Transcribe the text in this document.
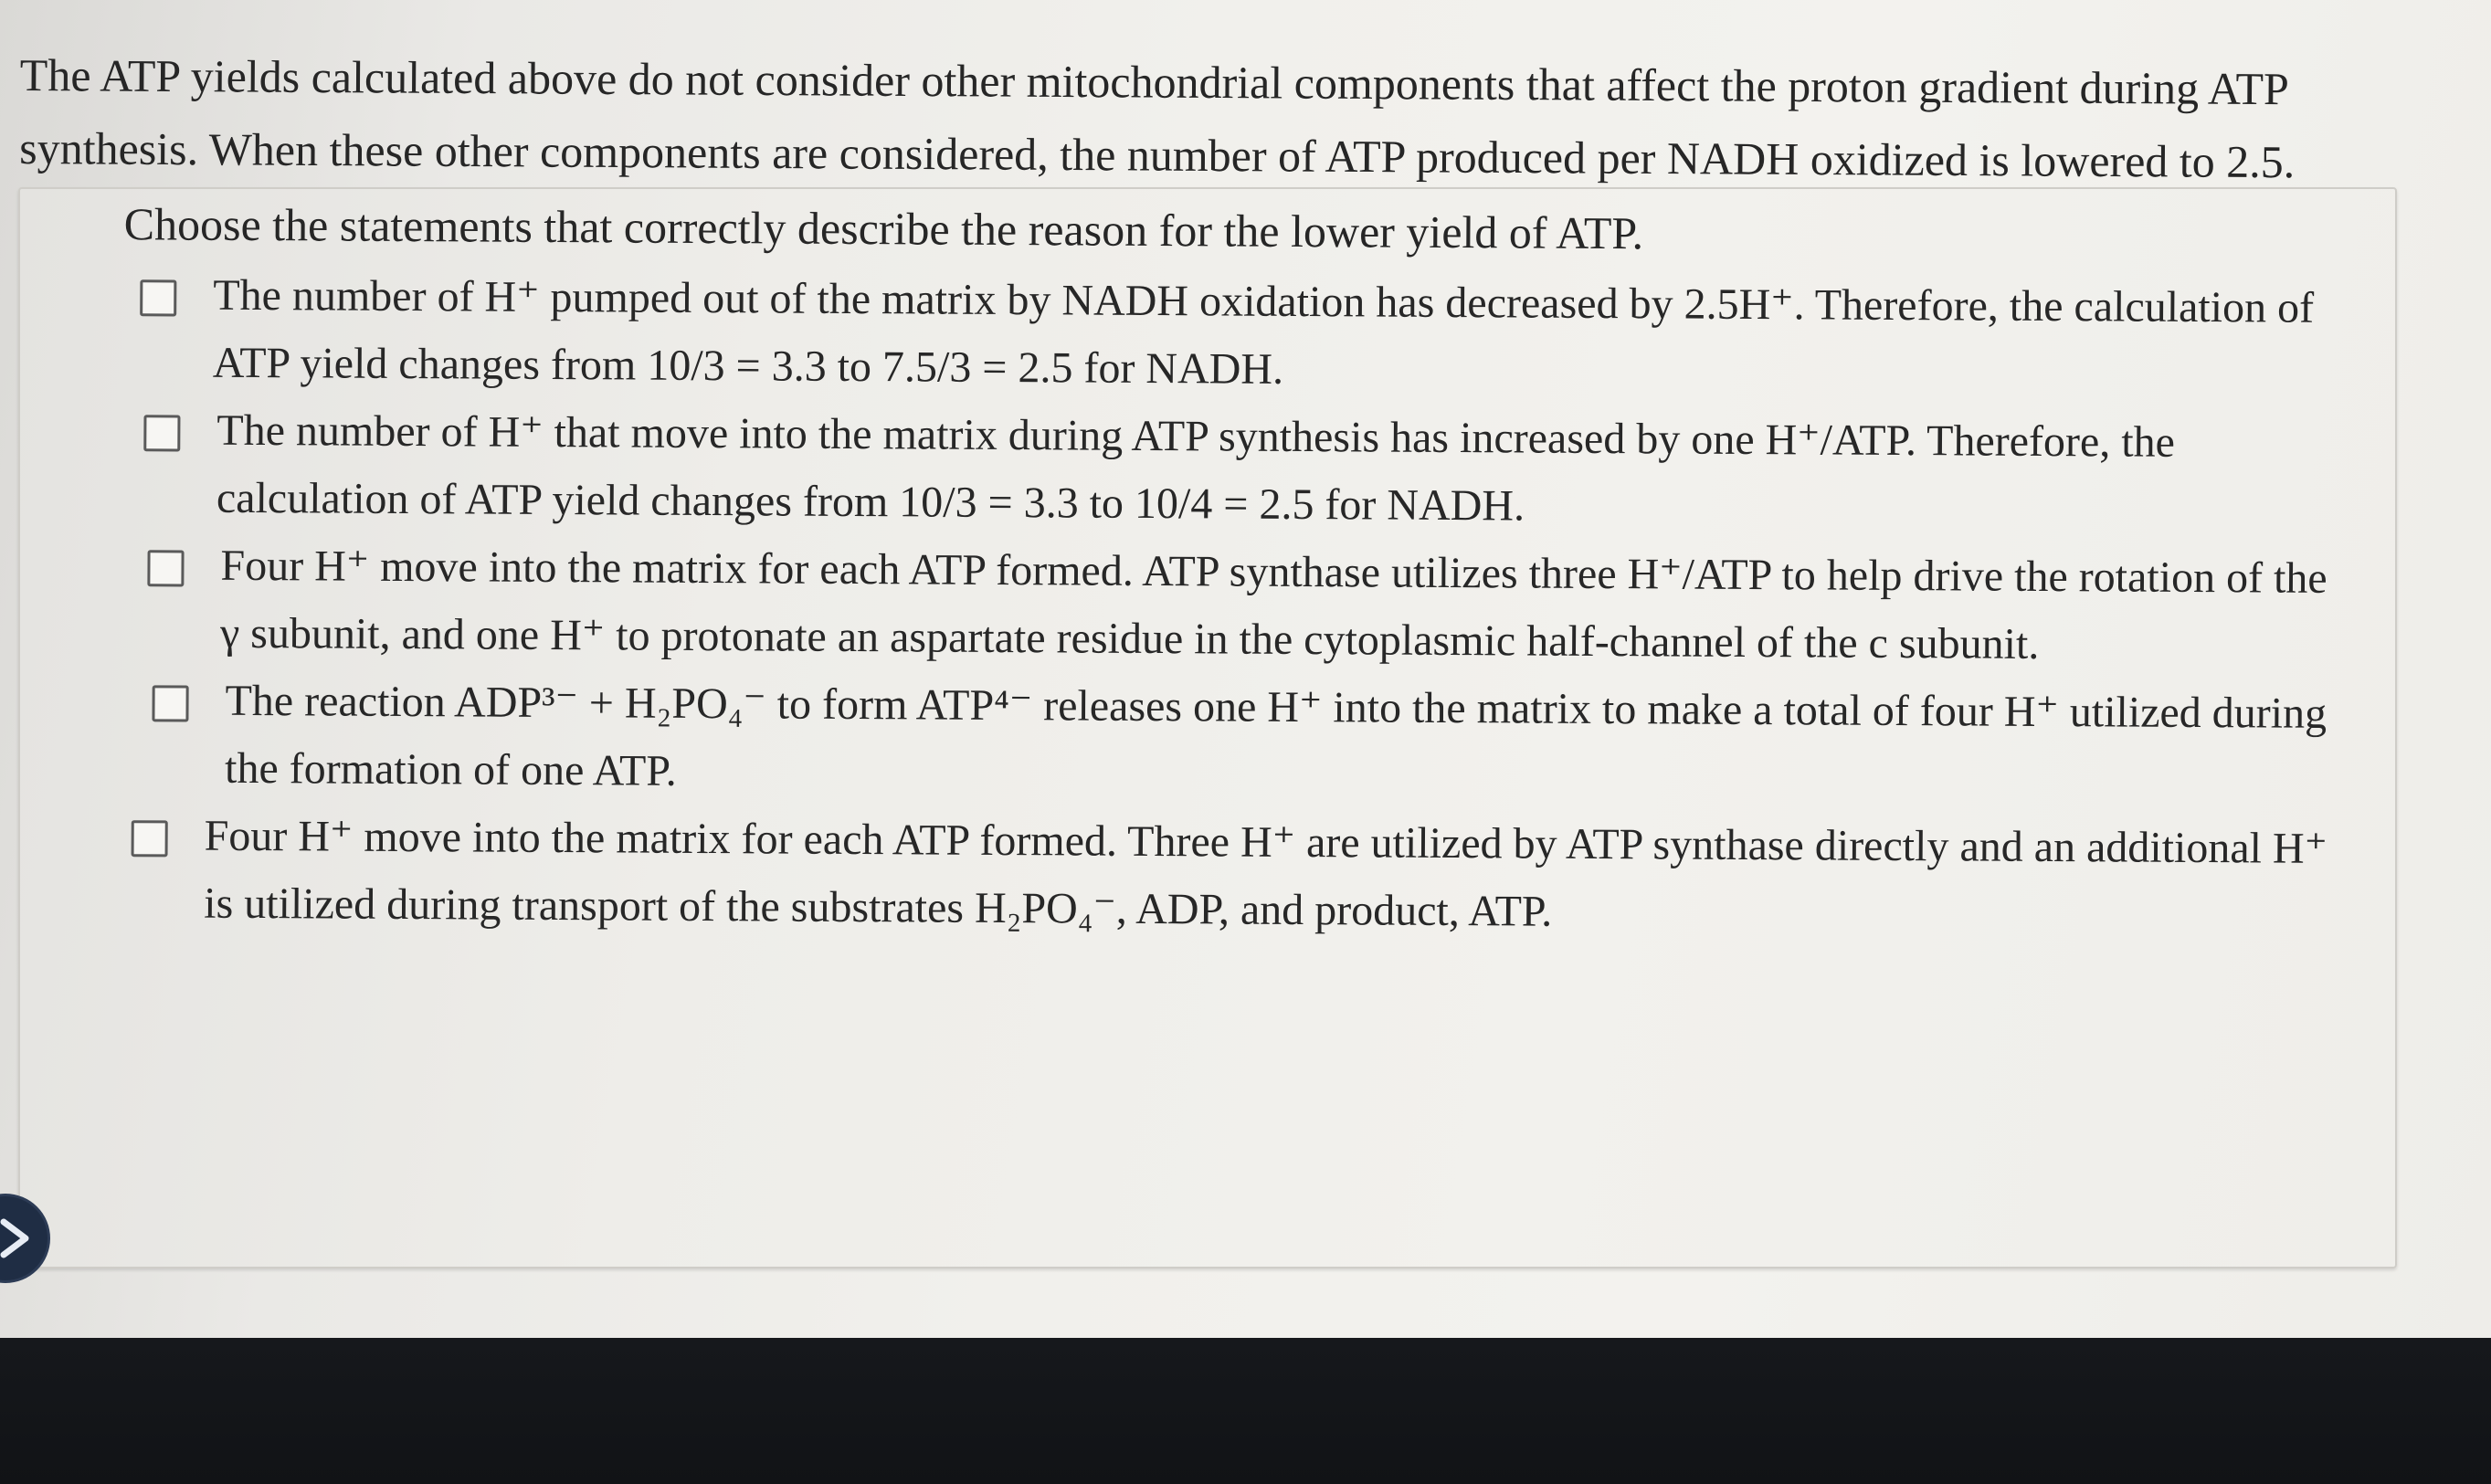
The ATP yields calculated above do not consider other mitochondrial components that affect the proton gradient during ATP
synthesis. When these other components are considered, the number of ATP produced per NADH oxidized is lowered to 2.5.
Choose the statements that correctly describe the reason for the lower yield of ATP.
The number of H⁺ pumped out of the matrix by NADH oxidation has decreased by 2.5H⁺. Therefore, the calculation of ATP yield changes from 10/3 = 3.3 to 7.5/3 = 2.5 for NADH.
The number of H⁺ that move into the matrix during ATP synthesis has increased by one H⁺/ATP. Therefore, the calculation of ATP yield changes from 10/3 = 3.3 to 10/4 = 2.5 for NADH.
Four H⁺ move into the matrix for each ATP formed. ATP synthase utilizes three H⁺/ATP to help drive the rotation of the γ subunit, and one H⁺ to protonate an aspartate residue in the cytoplasmic half-channel of the c subunit.
The reaction ADP³⁻ + H₂PO₄⁻ to form ATP⁴⁻ releases one H⁺ into the matrix to make a total of four H⁺ utilized during the formation of one ATP.
Four H⁺ move into the matrix for each ATP formed. Three H⁺ are utilized by ATP synthase directly and an additional H⁺ is utilized during transport of the substrates H₂PO₄⁻, ADP, and product, ATP.
